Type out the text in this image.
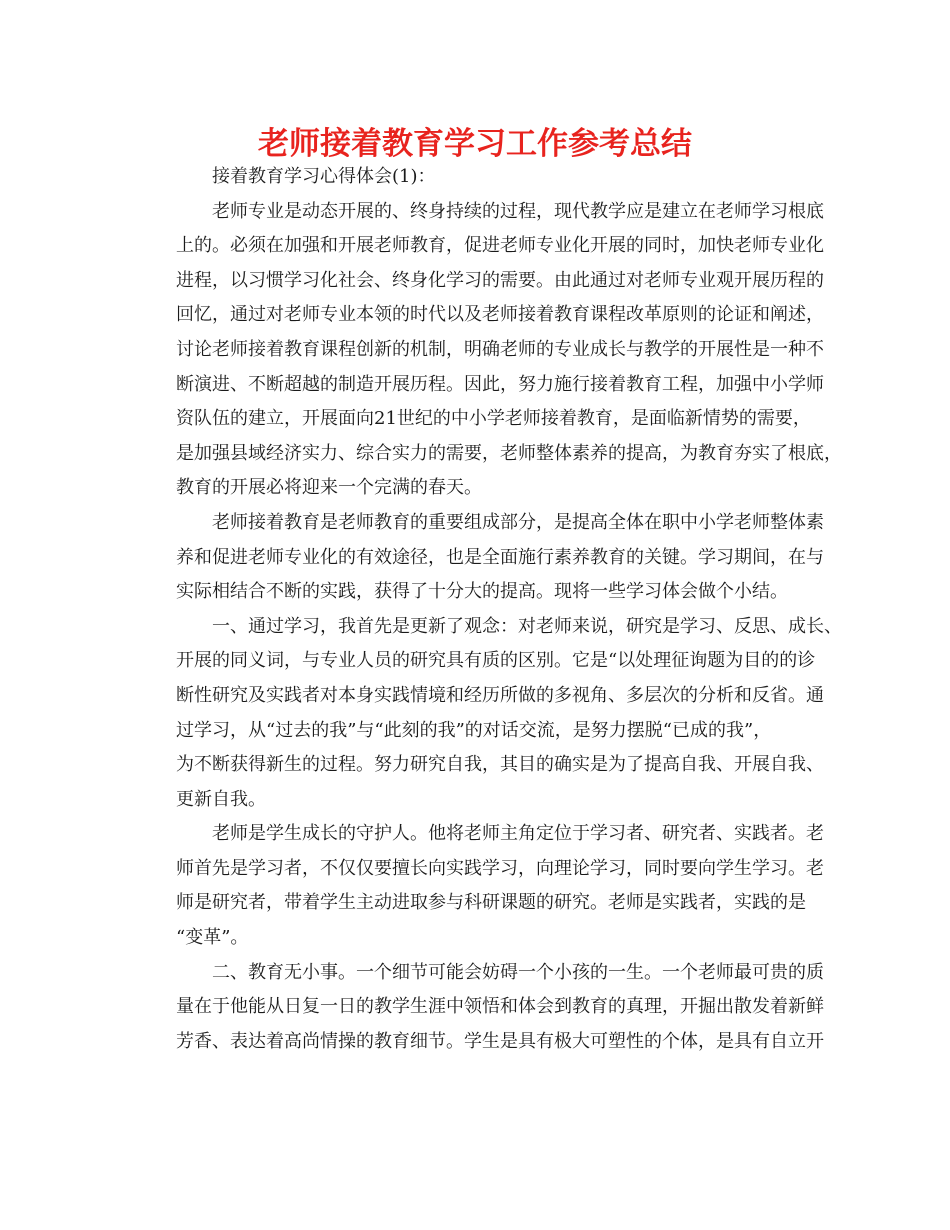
老师接着教育学习工作参考总结
接着教育学习心得体会(1)：
老师专业是动态开展的、终身持续的过程，现代教学应是建立在老师学习根底
上的。必须在加强和开展老师教育，促进老师专业化开展的同时，加快老师专业化
进程，以习惯学习化社会、终身化学习的需要。由此通过对老师专业观开展历程的
回忆，通过对老师专业本领的时代以及老师接着教育课程改革原则的论证和阐述，
讨论老师接着教育课程创新的机制，明确老师的专业成长与教学的开展性是一种不
断演进、不断超越的制造开展历程。因此，努力施行接着教育工程，加强中小学师
资队伍的建立，开展面向21世纪的中小学老师接着教育，是面临新情势的需要，
是加强县域经济实力、综合实力的需要，老师整体素养的提高，为教育夯实了根底，
教育的开展必将迎来一个完满的春天。
老师接着教育是老师教育的重要组成部分，是提高全体在职中小学老师整体素
养和促进老师专业化的有效途径，也是全面施行素养教育的关键。学习期间，在与
实际相结合不断的实践，获得了十分大的提高。现将一些学习体会做个小结。
一、通过学习，我首先是更新了观念：对老师来说，研究是学习、反思、成长、
开展的同义词，与专业人员的研究具有质的区别。它是“以处理征询题为目的的诊
断性研究及实践者对本身实践情境和经历所做的多视角、多层次的分析和反省。通
过学习，从“过去的我”与“此刻的我”的对话交流，是努力摆脱“已成的我”，
为不断获得新生的过程。努力研究自我，其目的确实是为了提高自我、开展自我、
更新自我。
老师是学生成长的守护人。他将老师主角定位于学习者、研究者、实践者。老
师首先是学习者，不仅仅要擅长向实践学习，向理论学习，同时要向学生学习。老
师是研究者，带着学生主动进取参与科研课题的研究。老师是实践者，实践的是
“变革”。
二、教育无小事。一个细节可能会妨碍一个小孩的一生。一个老师最可贵的质
量在于他能从日复一日的教学生涯中领悟和体会到教育的真理，开掘出散发着新鲜
芳香、表达着高尚情操的教育细节。学生是具有极大可塑性的个体，是具有自立开
